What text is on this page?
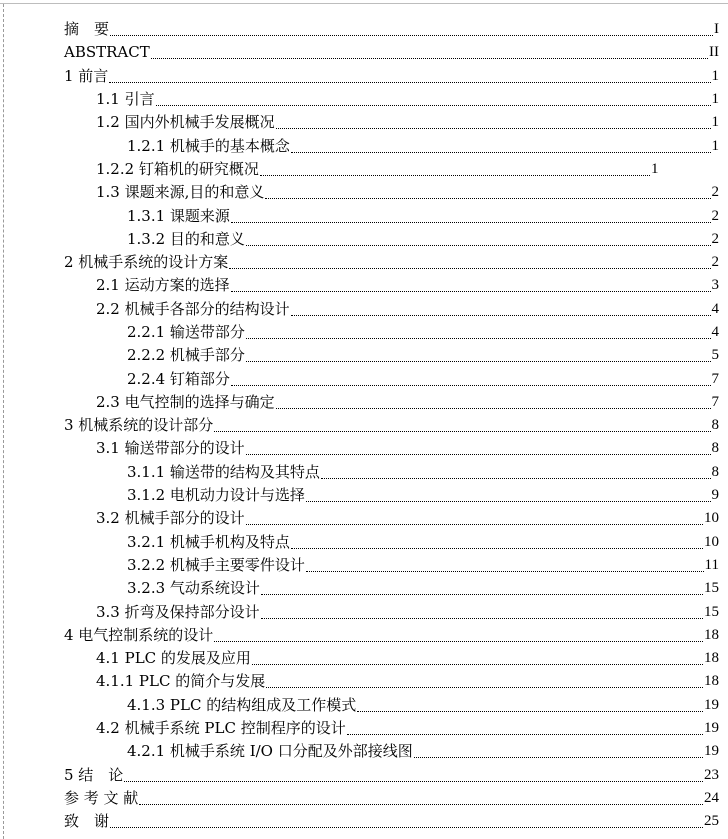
摘　要	I
ABSTRACT	II
1 前言	1
1.1 引言	1
1.2 国内外机械手发展概况	1
1.2.1 机械手的基本概念	1
1.2.2 钉箱机的研究概况	1
1.3 课题来源,目的和意义	2
1.3.1 课题来源	2
1.3.2 目的和意义	2
2 机械手系统的设计方案	2
2.1 运动方案的选择	3
2.2 机械手各部分的结构设计	4
2.2.1 输送带部分	4
2.2.2 机械手部分	5
2.2.4 钉箱部分	7
2.3 电气控制的选择与确定	7
3 机械系统的设计部分	8
3.1 输送带部分的设计	8
3.1.1 输送带的结构及其特点	8
3.1.2 电机动力设计与选择	9
3.2 机械手部分的设计	10
3.2.1 机械手机构及特点	10
3.2.2 机械手主要零件设计	11
3.2.3 气动系统设计	15
3.3 折弯及保持部分设计	15
4 电气控制系统的设计	18
4.1 PLC 的发展及应用	18
4.1.1 PLC 的简介与发展	18
4.1.3 PLC 的结构组成及工作模式	19
4.2 机械手系统 PLC 控制程序的设计	19
4.2.1 机械手系统 I/O 口分配及外部接线图	19
5 结　论	23
参 考 文 献	24
致　谢	25
